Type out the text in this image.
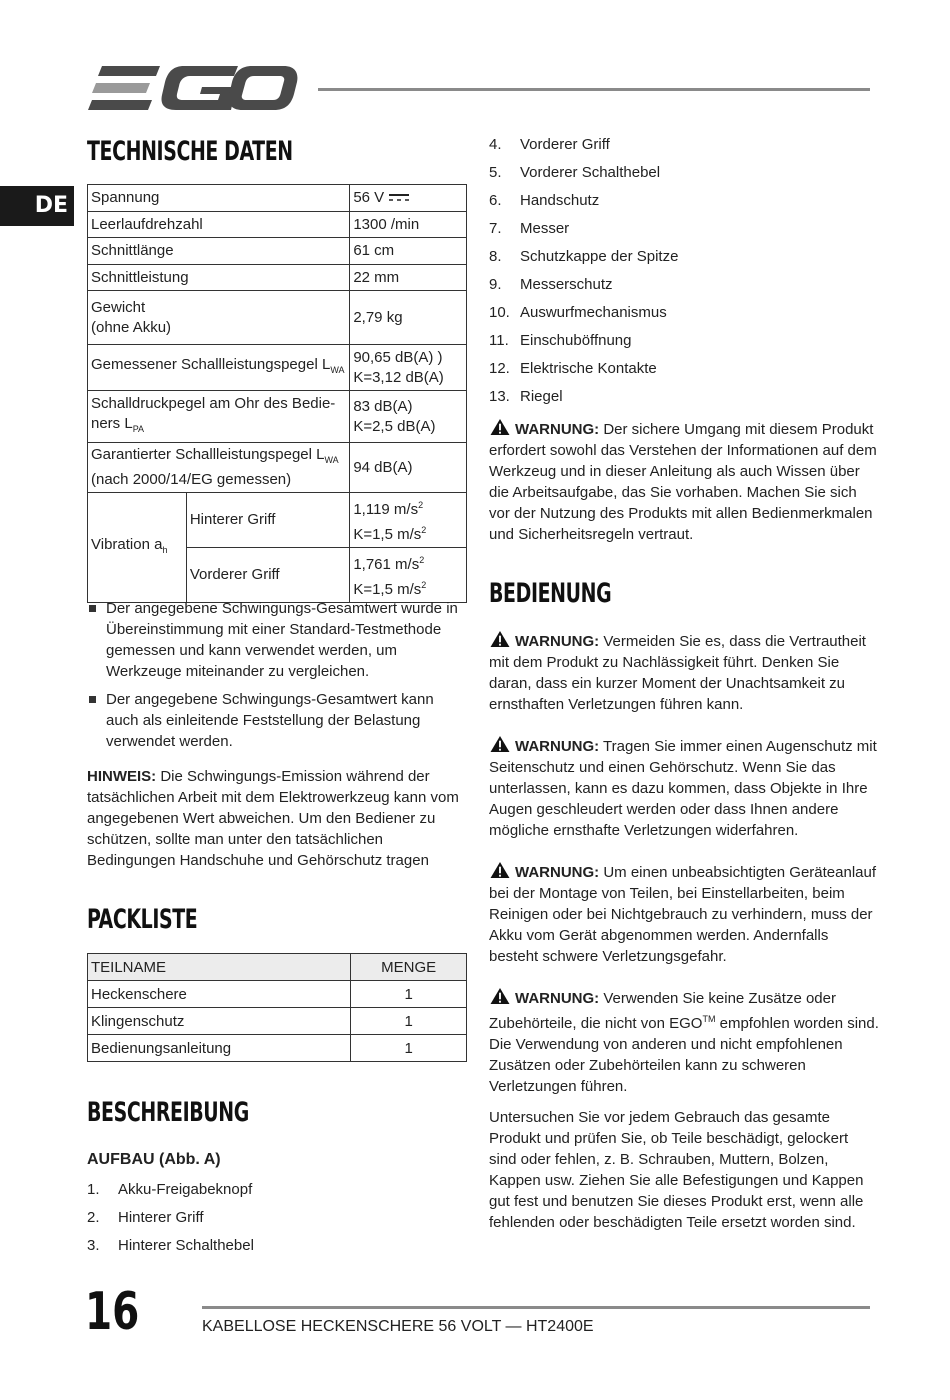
DE
TECHNISCHE DATEN
Spannung		56 V
Leerlaufdrehzahl		1300 /min
Schnittlänge		61 cm
Schnittleistung		22 mm
Gewicht
(ohne Akku)		2,79 kg
Gemessener Schallleistungspegel $L_{WA}$		90,65 dB(A) )
K=3,12 dB(A)
Schalldruckpegel am Ohr des Bedie-
ners $L_{PA}$		83 dB(A)
K=2,5 dB(A)
Garantierter Schallleistungspegel $L_{WA}$
(nach 2000/14/EG gemessen)		94 dB(A)
Vibration $a_h$	Hinterer Griff	1,119 $m/s^2$
K=1,5 $m/s^2$
	Vorderer Griff	1,761 $m/s^2$
K=1,5 $m/s^2$
Der angegebene Schwingungs-Gesamtwert wurde in Übereinstimmung mit einer Standard-Testmethode gemessen und kann verwendet werden, um Werkzeuge miteinander zu vergleichen.
Der angegebene Schwingungs-Gesamtwert kann auch als einleitende Feststellung der Belastung verwendet werden.

HINWEIS: Die Schwingungs-Emission während der tatsächlichen Arbeit mit dem Elektrowerkzeug kann vom angegebenen Wert abweichen. Um den Bediener zu schützen, sollte man unter den tatsächlichen Bedingungen Handschuhe und Gehörschutz tragen

PACKLISTE
TEILNAME	MENGE
Heckenschere	1
Klingenschutz	1
Bedienungsanleitung	1
BESCHREIBUNG

AUFBAU (Abb. A)

1.	Akku-Freigabeknopf
2.	Hinterer Griff
3.	Hinterer Schalthebel
4.	Vorderer Griff
5.	Vorderer Schalthebel
6.	Handschutz
7.	Messer
8.	Schutzkappe der Spitze
9.	Messerschutz
10. Auswurfmechanismus
11. Einschuböffnung
12. Elektrische Kontakte
13. Riegel

WARNUNG: Der sichere Umgang mit diesem Produkt erfordert sowohl das Verstehen der Informationen auf dem Werkzeug und in dieser Anleitung als auch Wissen über die Arbeitsaufgabe, das Sie vorhaben. Machen Sie sich vor der Nutzung des Produkts mit allen Bedienmerkmalen und Sicherheitsregeln vertraut.

BEDIENUNG

WARNUNG: Vermeiden Sie es, dass die Vertrautheit mit dem Produkt zu Nachlässigkeit führt. Denken Sie daran, dass ein kurzer Moment der Unachtsamkeit zu ernsthaften Verletzungen führen kann.

WARNUNG: Tragen Sie immer einen Augenschutz mit Seitenschutz und einen Gehörschutz. Wenn Sie das unterlassen, kann es dazu kommen, dass Objekte in Ihre Augen geschleudert werden oder dass Ihnen andere mögliche ernsthafte Verletzungen widerfahren.

WARNUNG: Um einen unbeabsichtigten Geräteanlauf bei der Montage von Teilen, bei Einstellarbeiten, beim Reinigen oder bei Nichtgebrauch zu verhindern, muss der Akku vom Gerät abgenommen werden. Andernfalls besteht schwere Verletzungsgefahr.

WARNUNG: Verwenden Sie keine Zusätze oder Zubehörteile, die nicht von EGO™ empfohlen worden sind. Die Verwendung von anderen und nicht empfohlenen Zusätzen oder Zubehörteilen kann zu schweren Verletzungen führen.

Untersuchen Sie vor jedem Gebrauch das gesamte Produkt und prüfen Sie, ob Teile beschädigt, gelockert sind oder fehlen, z. B. Schrauben, Muttern, Bolzen, Kappen usw. Ziehen Sie alle Befestigungen und Kappen gut fest und benutzen Sie dieses Produkt erst, wenn alle fehlenden oder beschädigten Teile ersetzt worden sind.

16	KABELLOSE HECKENSCHERE 56 VOLT — HT2400E
